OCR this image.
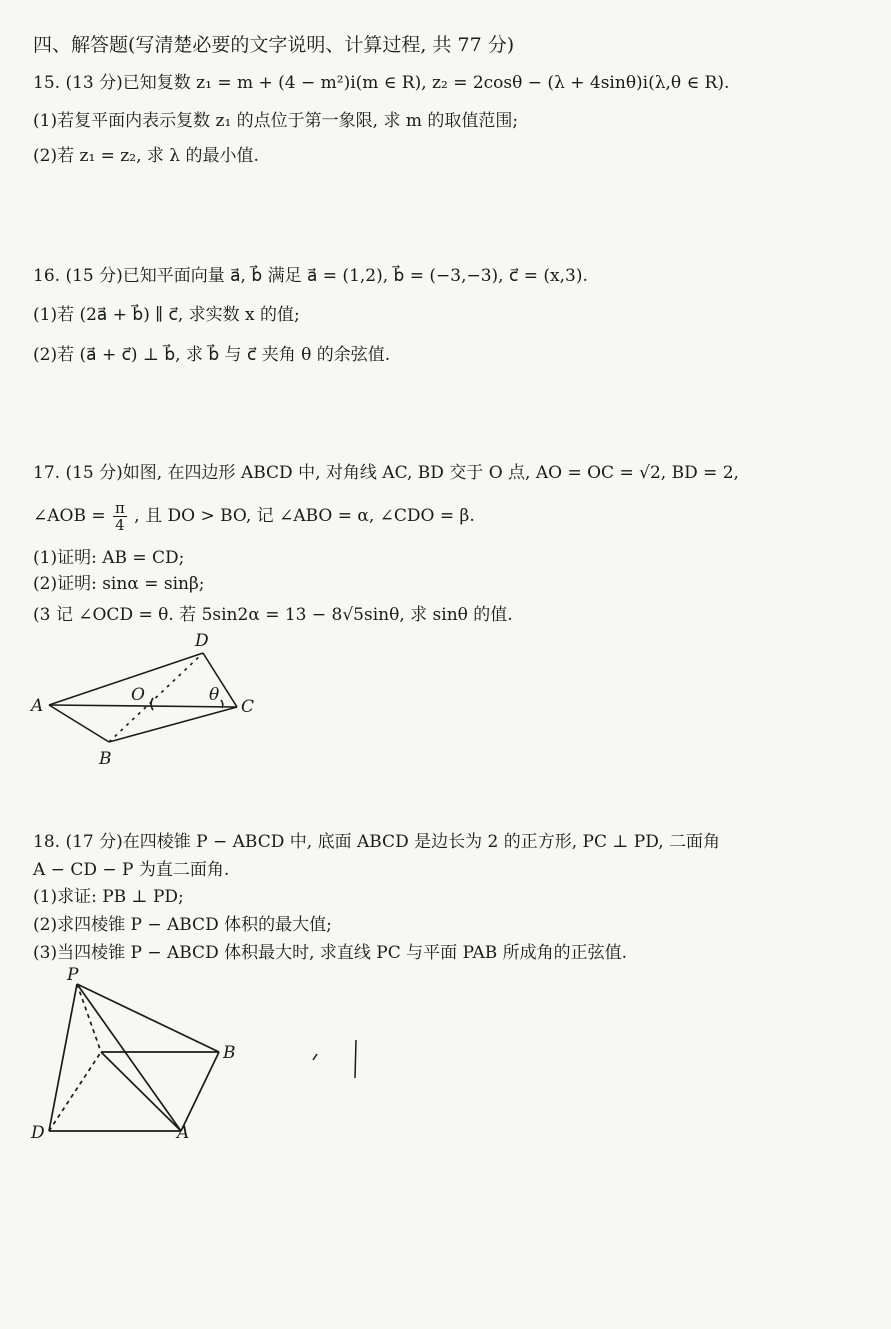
四、解答题(写清楚必要的文字说明、计算过程, 共 77 分)
15. (13 分)已知复数 z₁ = m + (4 − m²)i(m ∈ R), z₂ = 2cosθ − (λ + 4sinθ)i(λ,θ ∈ R).
(1)若复平面内表示复数 z₁ 的点位于第一象限, 求 m 的取值范围;
(2)若 z₁ = z₂, 求 λ 的最小值.
16. (15 分)已知平面向量 a⃗, b⃗ 满足 a⃗ = (1,2), b⃗ = (−3,−3), c⃗ = (x,3).
(1)若 (2a⃗ + b⃗) ∥ c⃗, 求实数 x 的值;
(2)若 (a⃗ + c⃗) ⊥ b⃗, 求 b⃗ 与 c⃗ 夹角 θ 的余弦值.
17. (15 分)如图, 在四边形 ABCD 中, 对角线 AC, BD 交于 O 点, AO = OC = √2, BD = 2,
∠AOB = $\frac{\pi}{4}$ , 且 DO > BO, 记 ∠ABO = α, ∠CDO = β.
(1)证明: AB = CD;
(2)证明: sinα = sinβ;
(3 记 ∠OCD = θ. 若 5sin2α = 13 − 8√5sinθ, 求 sinθ 的值.
A
B
C
D
O	θ
18. (17 分)在四棱锥 P − ABCD 中, 底面 ABCD 是边长为 2 的正方形, PC ⊥ PD, 二面角
A − CD − P 为直二面角.
(1)求证: PB ⊥ PD;
(2)求四棱锥 P − ABCD 体积的最大值;
(3)当四棱锥 P − ABCD 体积最大时, 求直线 PC 与平面 PAB 所成角的正弦值.
P
B
D	A
